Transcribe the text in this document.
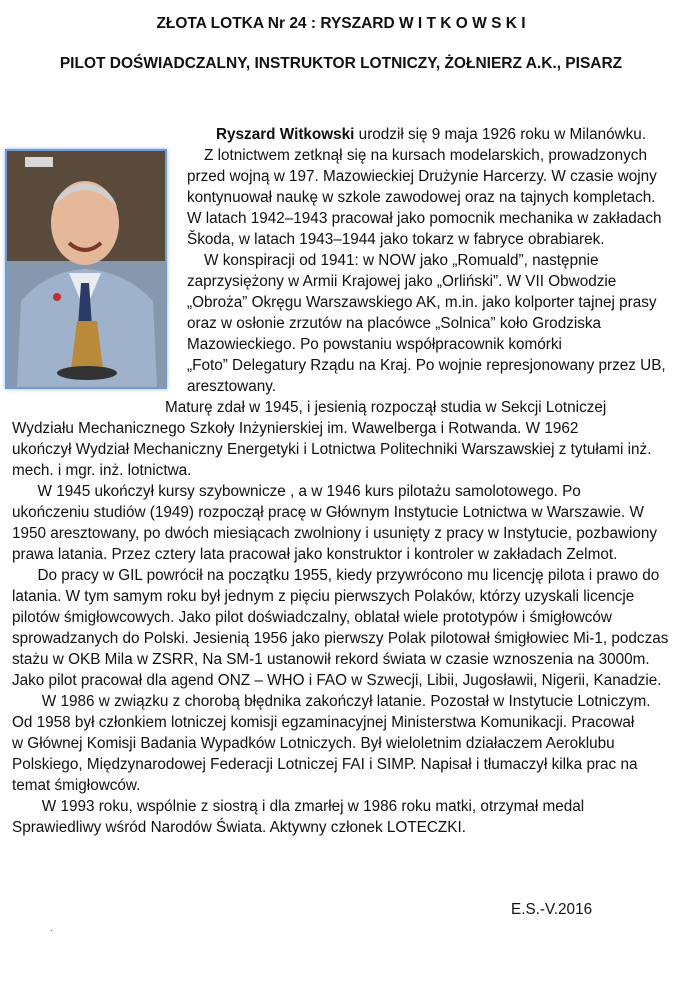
ZŁOTA LOTKA Nr 24 : RYSZARD W I T K O W S K I
PILOT DOŚWIADCZALNY, INSTRUKTOR LOTNICZY, ŻOŁNIERZ A.K., PISARZ

Ryszard Witkowski urodził się 9 maja 1926 roku w Milanówku.
Z lotnictwem zetknął się na kursach modelarskich, prowadzonych
przed wojną w 197. Mazowieckiej Drużynie Harcerzy. W czasie wojny
kontynuował naukę w szkole zawodowej oraz na tajnych kompletach.
W latach 1942–1943 pracował jako pomocnik mechanika w zakładach
Škoda, w latach 1943–1944 jako tokarz w fabryce obrabiarek.
W konspiracji od 1941: w NOW jako „Romuald”, następnie
zaprzysiężony w Armii Krajowej jako „Orliński”. W VII Obwodzie
„Obroża” Okręgu Warszawskiego AK, m.in. jako kolporter tajnej prasy
oraz w osłonie zrzutów na placówce „Solnica” koło Grodziska
Mazowieckiego. Po powstaniu współpracownik komórki
„Foto” Delegatury Rządu na Kraj. Po wojnie represjonowany przez UB,
aresztowany.

Maturę zdał w 1945, i jesienią rozpoczął studia w Sekcji Lotniczej
Wydziału Mechanicznego Szkoły Inżynierskiej im. Wawelberga i Rotwanda. W 1962
ukończył Wydział Mechaniczny Energetyki i Lotnictwa Politechniki Warszawskiej z tytułami inż.
mech. i mgr. inż. lotnictwa.
W 1945 ukończył kursy szybownicze , a w 1946 kurs pilotażu samolotowego. Po
ukończeniu studiów (1949) rozpoczął pracę w Głównym Instytucie Lotnictwa w Warszawie. W
1950 aresztowany, po dwóch miesiącach zwolniony i usunięty z pracy w Instytucie, pozbawiony
prawa latania. Przez cztery lata pracował jako konstruktor i kontroler w zakładach Zelmot.
Do pracy w GIL powrócił na początku 1955, kiedy przywrócono mu licencję pilota i prawo do
latania. W tym samym roku był jednym z pięciu pierwszych Polaków, którzy uzyskali licencje
pilotów śmigłowcowych. Jako pilot doświadczalny, oblatał wiele prototypów i śmigłowców
sprowadzanych do Polski. Jesienią 1956 jako pierwszy Polak pilotował śmigłowiec Mi-1, podczas
stażu w OKB Mila w ZSRR, Na SM-1 ustanowił rekord świata w czasie wznoszenia na 3000m.
Jako pilot pracował dla agend ONZ – WHO i FAO w Szwecji, Libii, Jugosławii, Nigerii, Kanadzie.
W 1986 w związku z chorobą błędnika zakończył latanie. Pozostał w Instytucie Lotniczym.
Od 1958 był członkiem lotniczej komisji egzaminacyjnej Ministerstwa Komunikacji. Pracował
w Głównej Komisji Badania Wypadków Lotniczych. Był wieloletnim działaczem Aeroklubu
Polskiego, Międzynarodowej Federacji Lotniczej FAI i SIMP. Napisał i tłumaczył kilka prac na
temat śmigłowców.
W 1993 roku, wspólnie z siostrą i dla zmarłej w 1986 roku matki, otrzymał medal
Sprawiedliwy wśród Narodów Świata. Aktywny członek LOTECZKI.

E.S.-V.2016
.
